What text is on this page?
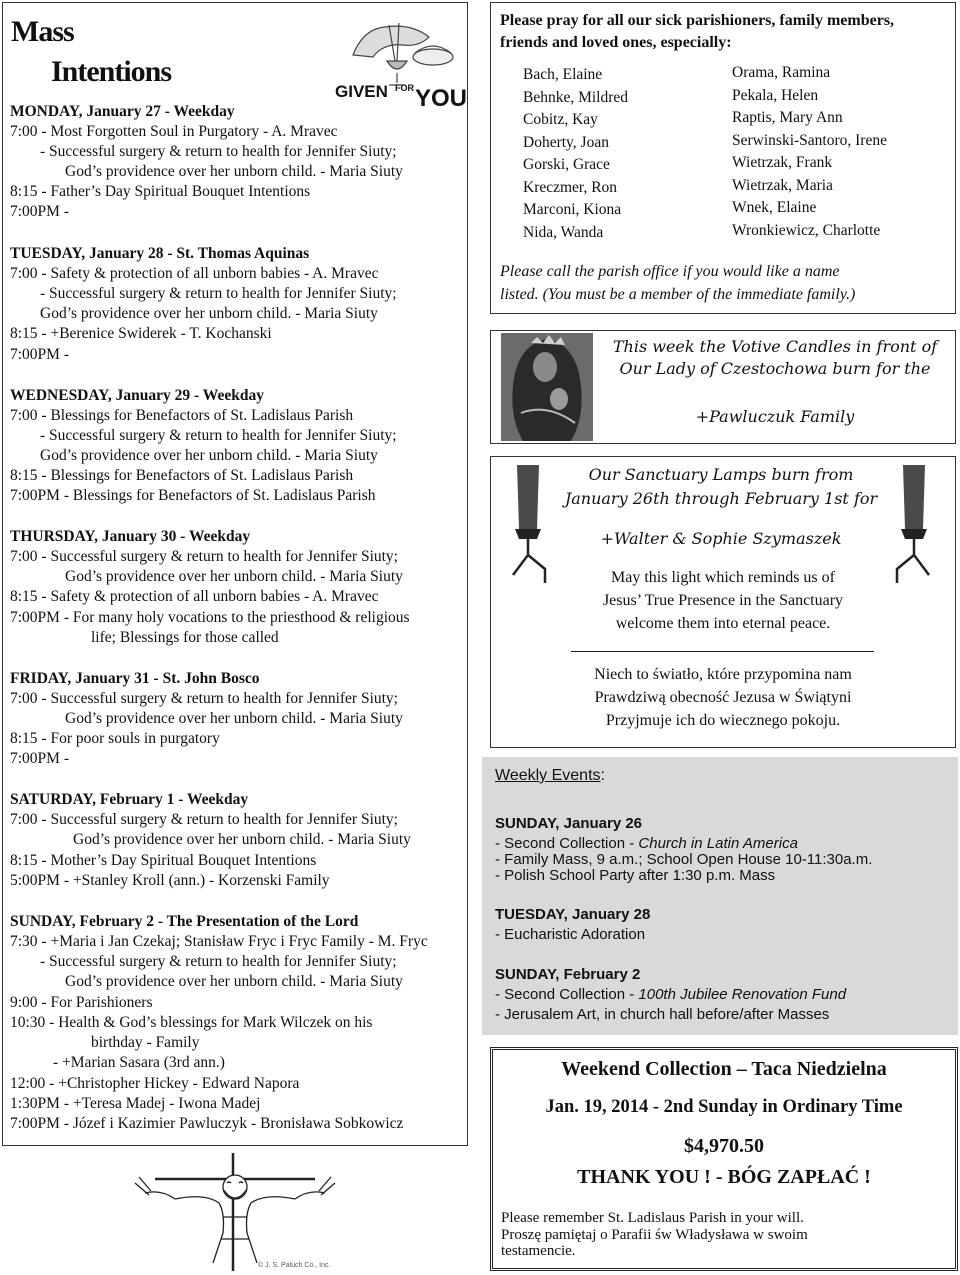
Mass
Intentions
GIVEN FOR YOU
MONDAY, January 27 - Weekday
7:00 - Most Forgotten Soul in Purgatory - A. Mravec
- Successful surgery & return to health for Jennifer Siuty;
God’s providence over her unborn child. - Maria Siuty
8:15 - Father’s Day Spiritual Bouquet Intentions
7:00PM -
TUESDAY, January 28 - St. Thomas Aquinas
7:00 - Safety & protection of all unborn babies - A. Mravec
- Successful surgery & return to health for Jennifer Siuty;
God’s providence over her unborn child. - Maria Siuty
8:15 - +Berenice Swiderek - T. Kochanski
7:00PM -
WEDNESDAY, January 29 - Weekday
7:00 - Blessings for Benefactors of St. Ladislaus Parish
- Successful surgery & return to health for Jennifer Siuty;
God’s providence over her unborn child. - Maria Siuty
8:15 - Blessings for Benefactors of St. Ladislaus Parish
7:00PM - Blessings for Benefactors of St. Ladislaus Parish
THURSDAY, January 30 - Weekday
7:00 - Successful surgery & return to health for Jennifer Siuty;
God’s providence over her unborn child. - Maria Siuty
8:15 - Safety & protection of all unborn babies - A. Mravec
7:00PM - For many holy vocations to the priesthood & religious
life; Blessings for those called
FRIDAY, January 31 - St. John Bosco
7:00 - Successful surgery & return to health for Jennifer Siuty;
God’s providence over her unborn child. - Maria Siuty
8:15 - For poor souls in purgatory
7:00PM -
SATURDAY, February 1 - Weekday
7:00 - Successful surgery & return to health for Jennifer Siuty;
God’s providence over her unborn child. - Maria Siuty
8:15 - Mother’s Day Spiritual Bouquet Intentions
5:00PM - +Stanley Kroll (ann.) - Korzenski Family
SUNDAY, February 2 - The Presentation of the Lord
7:30 - +Maria i Jan Czekaj; Stanisław Fryc i Fryc Family - M. Fryc
- Successful surgery & return to health for Jennifer Siuty;
God’s providence over her unborn child. - Maria Siuty
9:00 - For Parishioners
10:30 - Health & God’s blessings for Mark Wilczek on his
birthday - Family
- +Marian Sasara (3rd ann.)
12:00 - +Christopher Hickey - Edward Napora
1:30PM - +Teresa Madej - Iwona Madej
7:00PM - Józef i Kazimier Pawluczyk - Bronisława Sobkowicz
© J. S. Paluch Co., Inc.
Please pray for all our sick parishioners, family members,
friends and loved ones, especially:
Bach, Elaine
Behnke, Mildred
Cobitz, Kay
Doherty, Joan
Gorski, Grace
Kreczmer, Ron
Marconi, Kiona
Nida, Wanda
Orama, Ramina
Pekala, Helen
Raptis, Mary Ann
Serwinski-Santoro, Irene
Wietrzak, Frank
Wietrzak, Maria
Wnek, Elaine
Wronkiewicz, Charlotte
Please call the parish office if you would like a name
listed. (You must be a member of the immediate family.)
This week the Votive Candles in front of
Our Lady of Czestochowa burn for the
+Pawluczuk Family
Our Sanctuary Lamps burn from
January 26th through February 1st for
+Walter & Sophie Szymaszek
May this light which reminds us of
Jesus’ True Presence in the Sanctuary
welcome them into eternal peace.
Niech to światło, które przypomina nam
Prawdziwą obecność Jezusa w Świątyni
Przyjmuje ich do wiecznego pokoju.
Weekly Events:
SUNDAY, January 26
- Second Collection - Church in Latin America
- Family Mass, 9 a.m.; School Open House 10-11:30a.m.
- Polish School Party after 1:30 p.m. Mass
TUESDAY, January 28
- Eucharistic Adoration
SUNDAY, February 2
- Second Collection - 100th Jubilee Renovation Fund
- Jerusalem Art, in church hall before/after Masses
Weekend Collection – Taca Niedzielna
Jan. 19, 2014 - 2nd Sunday in Ordinary Time
$4,970.50
THANK YOU ! - BÓG ZAPŁAĆ !
Please remember St. Ladislaus Parish in your will.
Proszę pamiętaj o Parafii św Władysława w swoim
testamencie.
